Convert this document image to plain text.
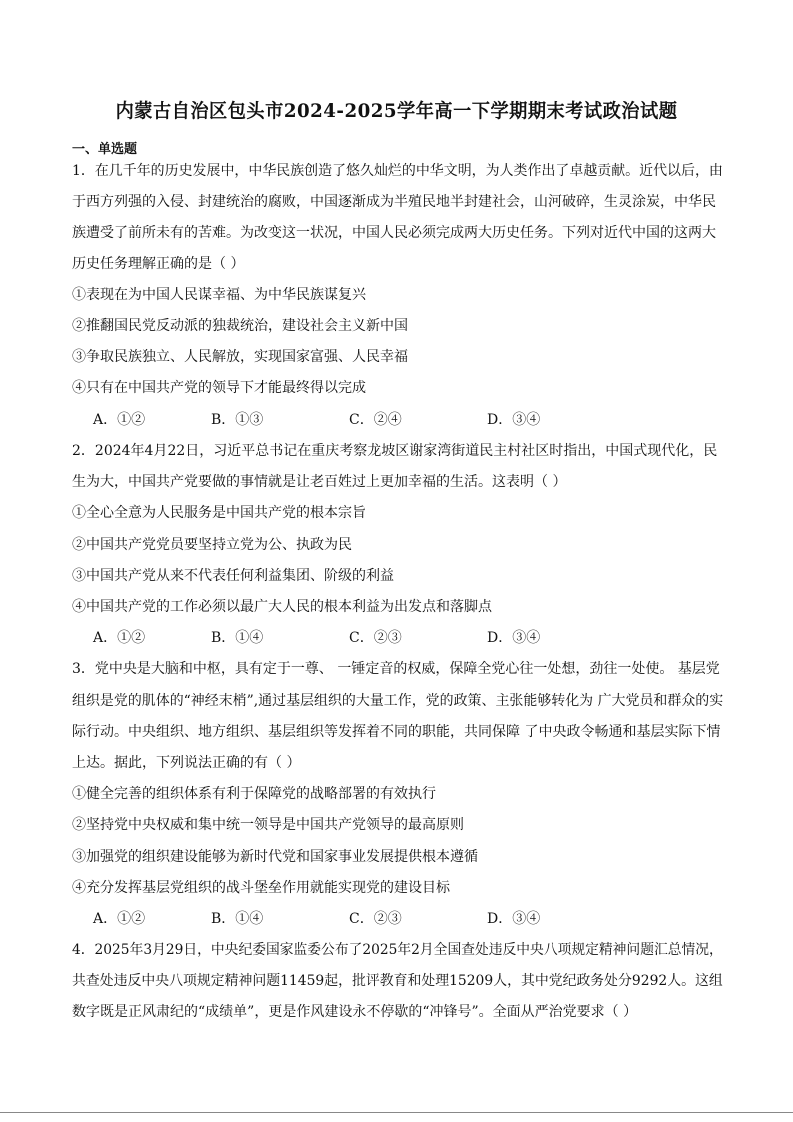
内蒙古自治区包头市2024-2025学年高一下学期期末考试政治试题
一、单选题
1．在几千年的历史发展中，中华民族创造了悠久灿烂的中华文明，为人类作出了卓越贡献。近代以后，由
于西方列强的入侵、封建统治的腐败，中国逐渐成为半殖民地半封建社会，山河破碎，生灵涂炭，中华民
族遭受了前所未有的苦难。为改变这一状况，中国人民必须完成两大历史任务。下列对近代中国的这两大
历史任务理解正确的是（ ）
①表现在为中国人民谋幸福、为中华民族谋复兴
②推翻国民党反动派的独裁统治，建设社会主义新中国
③争取民族独立、人民解放，实现国家富强、人民幸福
④只有在中国共产党的领导下才能最终得以完成
A．①②	B．①③	C．②④	D．③④
2．2024年4月22日，习近平总书记在重庆考察龙坡区谢家湾街道民主村社区时指出，中国式现代化，民
生为大，中国共产党要做的事情就是让老百姓过上更加幸福的生活。这表明（ ）
①全心全意为人民服务是中国共产党的根本宗旨
②中国共产党党员要坚持立党为公、执政为民
③中国共产党从来不代表任何利益集团、阶级的利益
④中国共产党的工作必须以最广大人民的根本利益为出发点和落脚点
A．①②	B．①④	C．②③	D．③④
3．党中央是大脑和中枢，具有定于一尊、 一锤定音的权威，保障全党心往一处想，劲往一处使。 基层党
组织是党的肌体的“神经末梢”,通过基层组织的大量工作，党的政策、主张能够转化为 广大党员和群众的实
际行动。中央组织、地方组织、基层组织等发挥着不同的职能，共同保障 了中央政令畅通和基层实际下情
上达。据此，下列说法正确的有（ ）
①健全完善的组织体系有利于保障党的战略部署的有效执行
②坚持党中央权威和集中统一领导是中国共产党领导的最高原则
③加强党的组织建设能够为新时代党和国家事业发展提供根本遵循
④充分发挥基层党组织的战斗堡垒作用就能实现党的建设目标
A．①②	B．①④	C．②③	D．③④
4．2025年3月29日，中央纪委国家监委公布了2025年2月全国查处违反中央八项规定精神问题汇总情况，
共查处违反中央八项规定精神问题11459起，批评教育和处理15209人，其中党纪政务处分9292人。这组
数字既是正风肃纪的“成绩单”，更是作风建设永不停歇的“冲锋号”。全面从严治党要求（ ）
